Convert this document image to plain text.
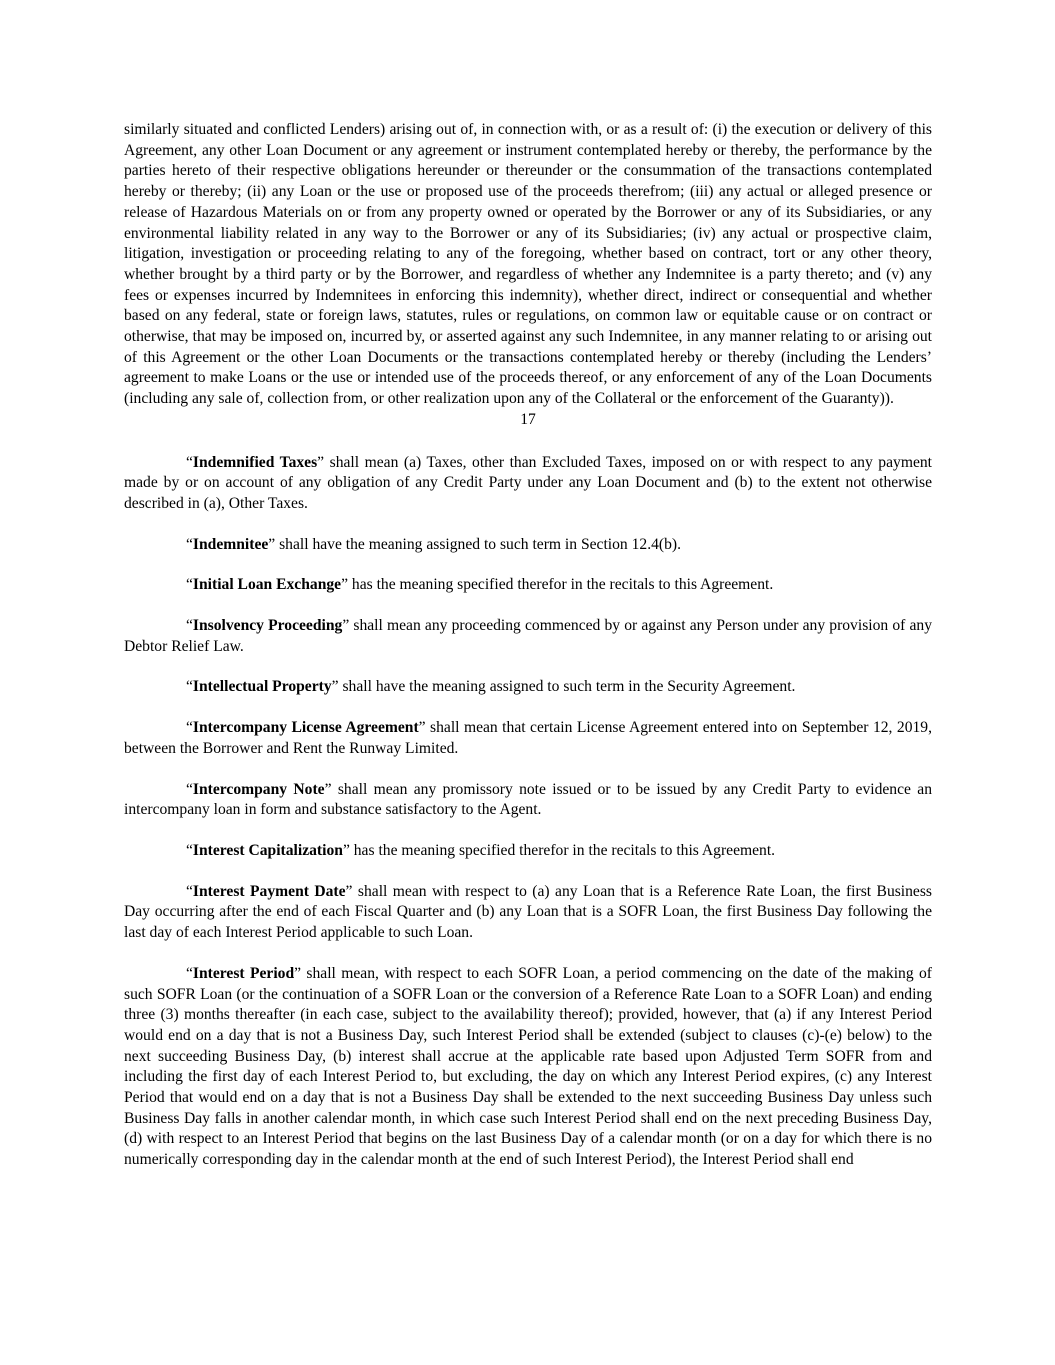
similarly situated and conflicted Lenders) arising out of, in connection with, or as a result of: (i) the execution or delivery of this Agreement, any other Loan Document or any agreement or instrument contemplated hereby or thereby, the performance by the parties hereto of their respective obligations hereunder or thereunder or the consummation of the transactions contemplated hereby or thereby; (ii) any Loan or the use or proposed use of the proceeds therefrom; (iii) any actual or alleged presence or release of Hazardous Materials on or from any property owned or operated by the Borrower or any of its Subsidiaries, or any environmental liability related in any way to the Borrower or any of its Subsidiaries; (iv) any actual or prospective claim, litigation, investigation or proceeding relating to any of the foregoing, whether based on contract, tort or any other theory, whether brought by a third party or by the Borrower, and regardless of whether any Indemnitee is a party thereto; and (v) any fees or expenses incurred by Indemnitees in enforcing this indemnity), whether direct, indirect or consequential and whether based on any federal, state or foreign laws, statutes, rules or regulations, on common law or equitable cause or on contract or otherwise, that may be imposed on, incurred by, or asserted against any such Indemnitee, in any manner relating to or arising out of this Agreement or the other Loan Documents or the transactions contemplated hereby or thereby (including the Lenders’ agreement to make Loans or the use or intended use of the proceeds thereof, or any enforcement of any of the Loan Documents (including any sale of, collection from, or other realization upon any of the Collateral or the enforcement of the Guaranty)).

17

“Indemnified Taxes” shall mean (a) Taxes, other than Excluded Taxes, imposed on or with respect to any payment made by or on account of any obligation of any Credit Party under any Loan Document and (b) to the extent not otherwise described in (a), Other Taxes.

“Indemnitee” shall have the meaning assigned to such term in Section 12.4(b).

“Initial Loan Exchange” has the meaning specified therefor in the recitals to this Agreement.

“Insolvency Proceeding” shall mean any proceeding commenced by or against any Person under any provision of any Debtor Relief Law.

“Intellectual Property” shall have the meaning assigned to such term in the Security Agreement.

“Intercompany License Agreement” shall mean that certain License Agreement entered into on September 12, 2019, between the Borrower and Rent the Runway Limited.

“Intercompany Note” shall mean any promissory note issued or to be issued by any Credit Party to evidence an intercompany loan in form and substance satisfactory to the Agent.

“Interest Capitalization” has the meaning specified therefor in the recitals to this Agreement.

“Interest Payment Date” shall mean with respect to (a) any Loan that is a Reference Rate Loan, the first Business Day occurring after the end of each Fiscal Quarter and (b) any Loan that is a SOFR Loan, the first Business Day following the last day of each Interest Period applicable to such Loan.

“Interest Period” shall mean, with respect to each SOFR Loan, a period commencing on the date of the making of such SOFR Loan (or the continuation of a SOFR Loan or the conversion of a Reference Rate Loan to a SOFR Loan) and ending three (3) months thereafter (in each case, subject to the availability thereof); provided, however, that (a) if any Interest Period would end on a day that is not a Business Day, such Interest Period shall be extended (subject to clauses (c)-(e) below) to the next succeeding Business Day, (b) interest shall accrue at the applicable rate based upon Adjusted Term SOFR from and including the first day of each Interest Period to, but excluding, the day on which any Interest Period expires, (c) any Interest Period that would end on a day that is not a Business Day shall be extended to the next succeeding Business Day unless such Business Day falls in another calendar month, in which case such Interest Period shall end on the next preceding Business Day, (d) with respect to an Interest Period that begins on the last Business Day of a calendar month (or on a day for which there is no numerically corresponding day in the calendar month at the end of such Interest Period), the Interest Period shall end
